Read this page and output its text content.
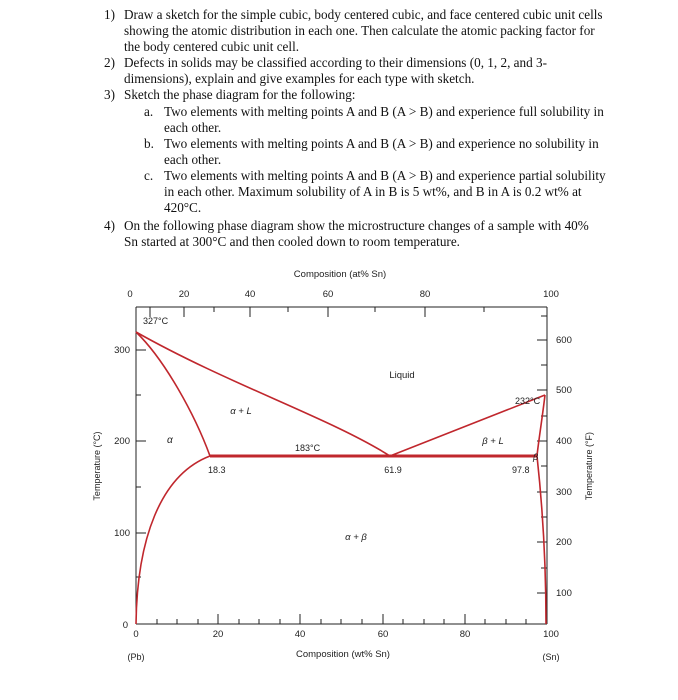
1) Draw a sketch for the simple cubic, body centered cubic, and face centered cubic unit cells
showing the atomic distribution in each one. Then calculate the atomic packing factor for
the body centered cubic unit cell.
2) Defects in solids may be classified according to their dimensions (0, 1, 2, and 3-
dimensions), explain and give examples for each type with sketch.
3) Sketch the phase diagram for the following:
a. Two elements with melting points A and B (A > B) and experience full solubility in
each other.
b. Two elements with melting points A and B (A > B) and experience no solubility in
each other.
c. Two elements with melting points A and B (A > B) and experience partial solubility
in each other. Maximum solubility of A in B is 5 wt%, and B in A is 0.2 wt% at
420°C.
4) On the following phase diagram show the microstructure changes of a sample with 40%
Sn started at 300°C and then cooled down to room temperature.
Composition (at% Sn)
0	20	40	60	80	100
300
200
100
0
600
500
400
300
200
100
0	20	40	60	80	100
(Pb)	(Sn)
Composition (wt% Sn)
Temperature (°C)	Temperature (°F)
327°C
232°C
Liquid
α + L
β + L
α
β
α + β
183°C
18.3	61.9	97.8
